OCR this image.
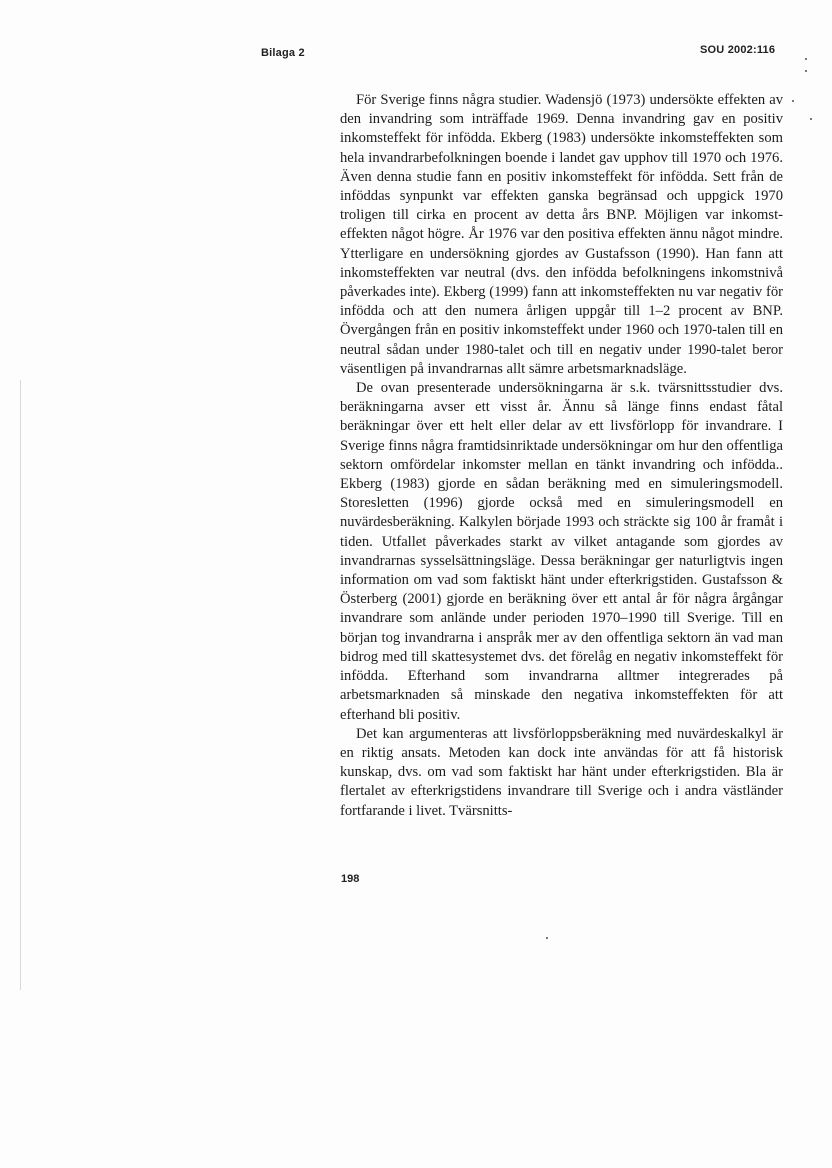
Bilaga 2	SOU 2002:116

För Sverige finns några studier. Wadensjö (1973) undersökte effekten av den invandring som inträffade 1969. Denna invandring gav en positiv inkomsteffekt för infödda. Ekberg (1983) undersökte inkomsteffekten som hela invandrarbefolkningen boende i landet gav upphov till 1970 och 1976. Även denna studie fann en positiv inkomsteffekt för infödda. Sett från de inföddas synpunkt var effekten ganska begränsad och uppgick 1970 troligen till cirka en procent av detta års BNP. Möjligen var inkomst-effekten något högre. År 1976 var den positiva effekten ännu något mindre. Ytterligare en undersökning gjordes av Gustafsson (1990). Han fann att inkomsteffekten var neutral (dvs. den infödda befolkningens inkomstnivå påverkades inte). Ekberg (1999) fann att inkomsteffekten nu var negativ för infödda och att den numera årligen uppgår till 1–2 procent av BNP. Övergången från en positiv inkomsteffekt under 1960 och 1970-talen till en neutral sådan under 1980-talet och till en negativ under 1990-talet beror väsentligen på invandrarnas allt sämre arbetsmarknadsläge.

De ovan presenterade undersökningarna är s.k. tvärsnittsstudier dvs. beräkningarna avser ett visst år. Ännu så länge finns endast fåtal beräkningar över ett helt eller delar av ett livsförlopp för invandrare. I Sverige finns några framtidsinriktade undersökningar om hur den offentliga sektorn omfördelar inkomster mellan en tänkt invandring och infödda.. Ekberg (1983) gjorde en sådan beräkning med en simuleringsmodell. Storesletten (1996) gjorde också med en simuleringsmodell en nuvärdesberäkning. Kalkylen började 1993 och sträckte sig 100 år framåt i tiden. Utfallet påverkades starkt av vilket antagande som gjordes av invandrarnas sysselsättningsläge. Dessa beräkningar ger naturligtvis ingen information om vad som faktiskt hänt under efterkrigstiden. Gustafsson & Österberg (2001) gjorde en beräkning över ett antal år för några årgångar invandrare som anlände under perioden 1970–1990 till Sverige. Till en början tog invandrarna i anspråk mer av den offentliga sektorn än vad man bidrog med till skattesystemet dvs. det förelåg en negativ inkomsteffekt för infödda. Efterhand som invandrarna alltmer integrerades på arbetsmarknaden så minskade den negativa inkomsteffekten för att efterhand bli positiv.

Det kan argumenteras att livsförloppsberäkning med nuvärdeskalkyl är en riktig ansats. Metoden kan dock inte användas för att få historisk kunskap, dvs. om vad som faktiskt har hänt under efterkrigstiden. Bla är flertalet av efterkrigstidens invandrare till Sverige och i andra västländer fortfarande i livet. Tvärsnitts-

198
